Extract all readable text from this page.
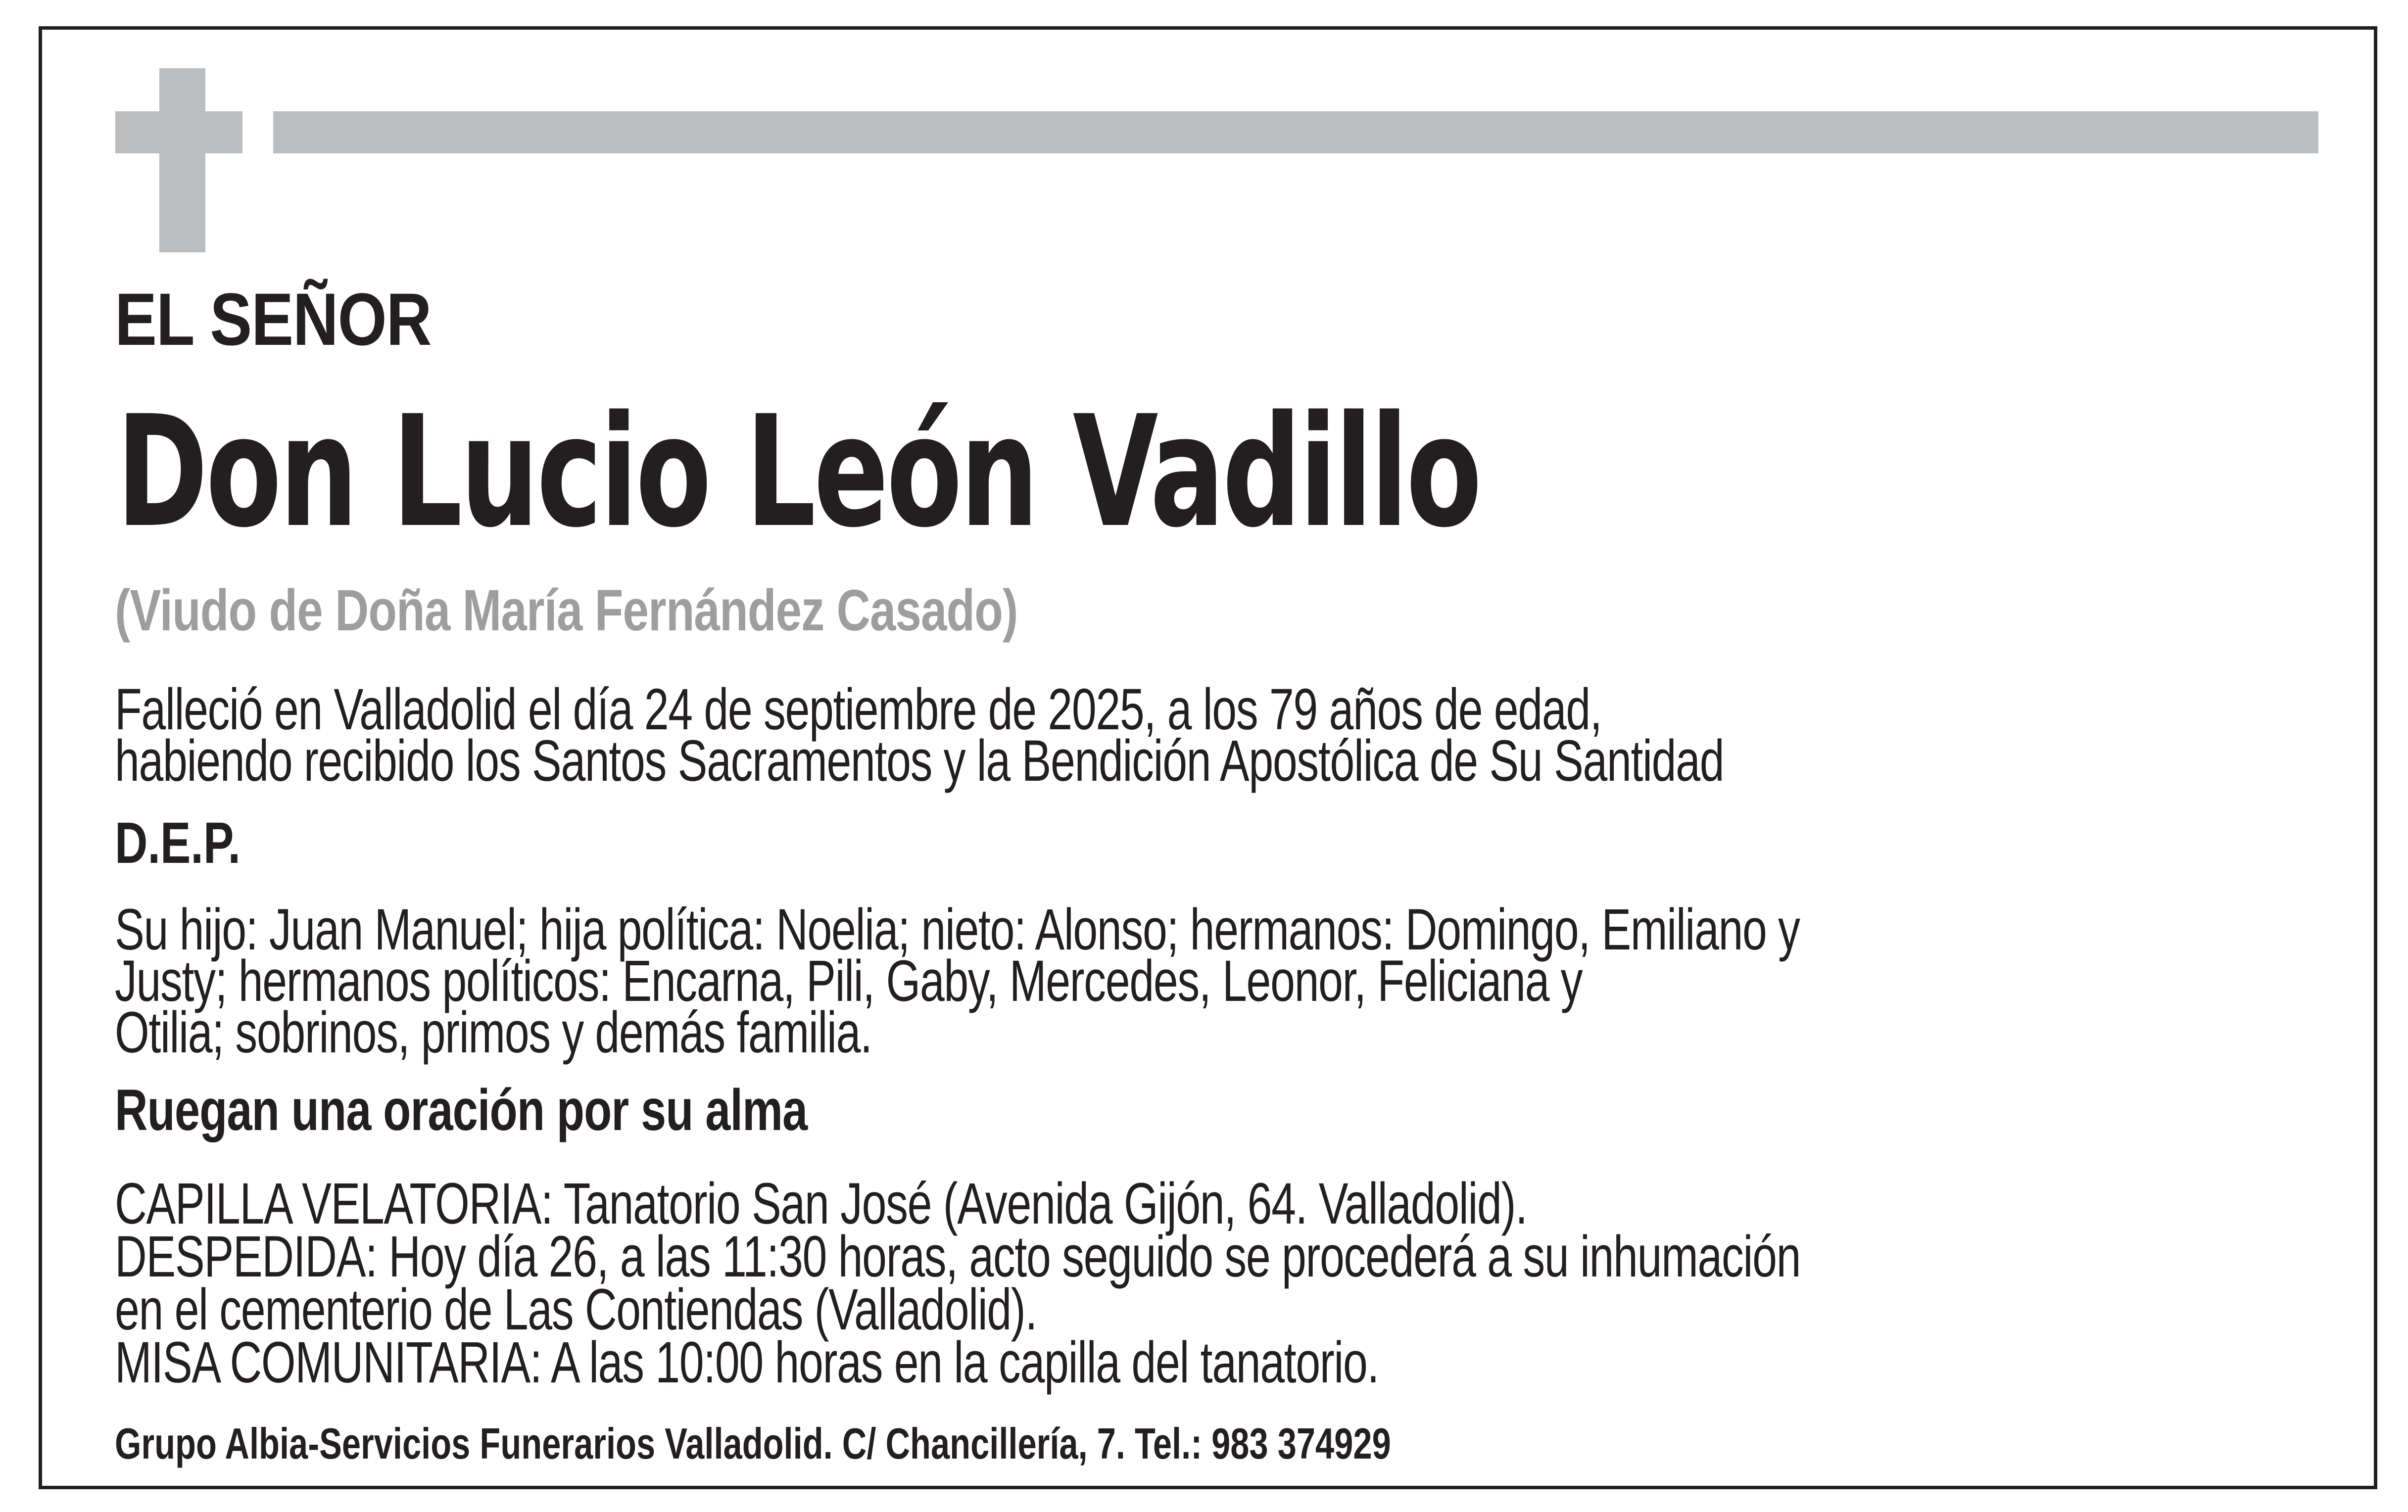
EL SEÑOR
Don Lucio León Vadillo
(Viudo de Doña María Fernández Casado)
Falleció en Valladolid el día 24 de septiembre de 2025, a los 79 años de edad,
habiendo recibido los Santos Sacramentos y la Bendición Apostólica de Su Santidad
D.E.P.
Su hijo: Juan Manuel; hija política: Noelia; nieto: Alonso; hermanos: Domingo, Emiliano y
Justy; hermanos políticos: Encarna, Pili, Gaby, Mercedes, Leonor, Feliciana y
Otilia; sobrinos, primos y demás familia.
Ruegan una oración por su alma
CAPILLA VELATORIA: Tanatorio San José (Avenida Gijón, 64. Valladolid).
DESPEDIDA: Hoy día 26, a las 11:30 horas, acto seguido se procederá a su inhumación
en el cementerio de Las Contiendas (Valladolid).
MISA COMUNITARIA: A las 10:00 horas en la capilla del tanatorio.
Grupo Albia-Servicios Funerarios Valladolid. C/ Chancillería, 7. Tel.: 983 374929
